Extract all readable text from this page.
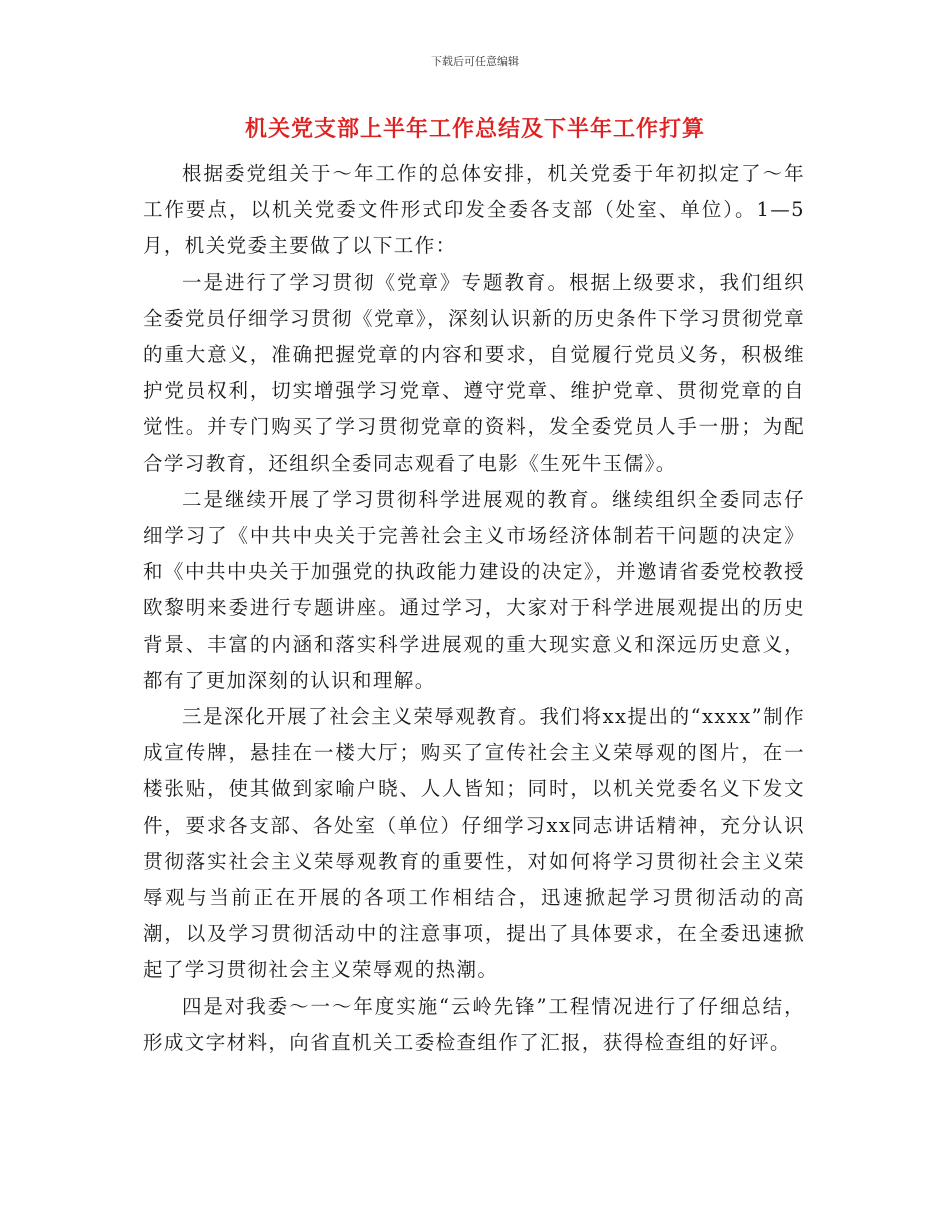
下载后可任意编辑
机关党支部上半年工作总结及下半年工作打算

根据委党组关于～年工作的总体安排，机关党委于年初拟定了～年工作要点，以机关党委文件形式印发全委各支部（处室、单位）。1—5月，机关党委主要做了以下工作：

一是进行了学习贯彻《党章》专题教育。根据上级要求，我们组织全委党员仔细学习贯彻《党章》，深刻认识新的历史条件下学习贯彻党章的重大意义，准确把握党章的内容和要求，自觉履行党员义务，积极维护党员权利，切实增强学习党章、遵守党章、维护党章、贯彻党章的自觉性。并专门购买了学习贯彻党章的资料，发全委党员人手一册；为配合学习教育，还组织全委同志观看了电影《生死牛玉儒》。

二是继续开展了学习贯彻科学进展观的教育。继续组织全委同志仔细学习了《中共中央关于完善社会主义市场经济体制若干问题的决定》和《中共中央关于加强党的执政能力建设的决定》，并邀请省委党校教授欧黎明来委进行专题讲座。通过学习，大家对于科学进展观提出的历史背景、丰富的内涵和落实科学进展观的重大现实意义和深远历史意义，都有了更加深刻的认识和理解。

三是深化开展了社会主义荣辱观教育。我们将xx提出的“xxxx”制作成宣传牌，悬挂在一楼大厅；购买了宣传社会主义荣辱观的图片，在一楼张贴，使其做到家喻户晓、人人皆知；同时，以机关党委名义下发文件，要求各支部、各处室（单位）仔细学习xx同志讲话精神，充分认识贯彻落实社会主义荣辱观教育的重要性，对如何将学习贯彻社会主义荣辱观与当前正在开展的各项工作相结合，迅速掀起学习贯彻活动的高潮，以及学习贯彻活动中的注意事项，提出了具体要求，在全委迅速掀起了学习贯彻社会主义荣辱观的热潮。

四是对我委～一～年度实施“云岭先锋”工程情况进行了仔细总结，形成文字材料，向省直机关工委检查组作了汇报，获得检查组的好评。
